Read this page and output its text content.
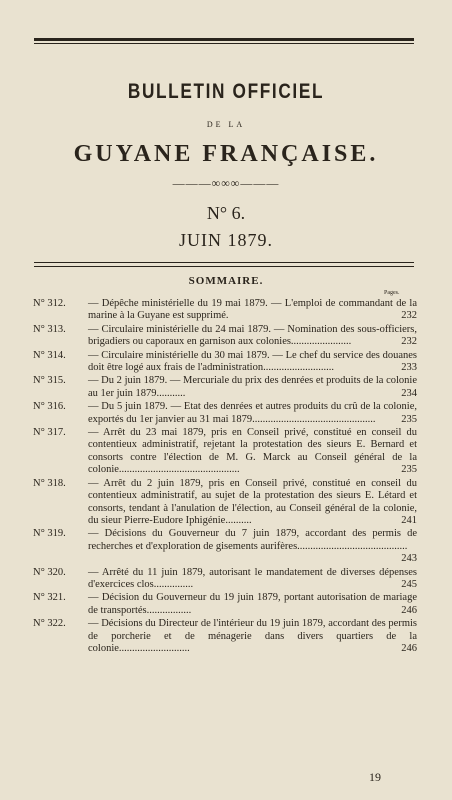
BULLETIN OFFICIEL
DE LA
GUYANE FRANÇAISE.
———∞∞∞———
N° 6.
JUIN 1879.
SOMMAIRE.
Pages.
N° 312.	— Dépêche ministérielle du 19 mai 1879. — L'emploi de commandant de la marine à la Guyane est supprimé.	232
N° 313.	— Circulaire ministérielle du 24 mai 1879. — Nomination des sous-officiers, brigadiers ou caporaux en garnison aux colonies.......................	232
N° 314.	— Circulaire ministérielle du 30 mai 1879. — Le chef du service des douanes doit être logé aux frais de l'administration...........................	233
N° 315.	— Du 2 juin 1879. — Mercuriale du prix des denrées et produits de la colonie au 1er juin 1879...........	234
N° 316.	— Du 5 juin 1879. — Etat des denrées et autres produits du crû de la colonie, exportés du 1er janvier au 31 mai 1879............................................... 235
N° 317.	— Arrêt du 23 mai 1879, pris en Conseil privé, constitué en conseil du contentieux administratif, rejetant la protestation des sieurs E. Bernard et consorts contre l'élection de M. G. Marck au Conseil général de la colonie..............................................	235
N° 318.	— Arrêt du 2 juin 1879, pris en Conseil privé, constitué en conseil du contentieux administratif, au sujet de la protestation des sieurs E. Létard et consorts, tendant à l'anulation de l'élection, au Conseil général de la colonie, du sieur Pierre-Eudore Iphigénie..........	241
N° 319.	— Décisions du Gouverneur du 7 juin 1879, accordant des permis de recherches et d'exploration de gisements aurifères..........................................
243
N° 320.	— Arrêté du 11 juin 1879, autorisant le mandatement de diverses dépenses d'exercices clos...............	245
N° 321.	— Décision du Gouverneur du 19 juin 1879, portant autorisation de mariage de transportés.................	246
N° 322.	— Décisions du Directeur de l'intérieur du 19 juin 1879, accordant des permis de porcherie et de ménagerie dans divers quartiers de la colonie...........................	246
19
